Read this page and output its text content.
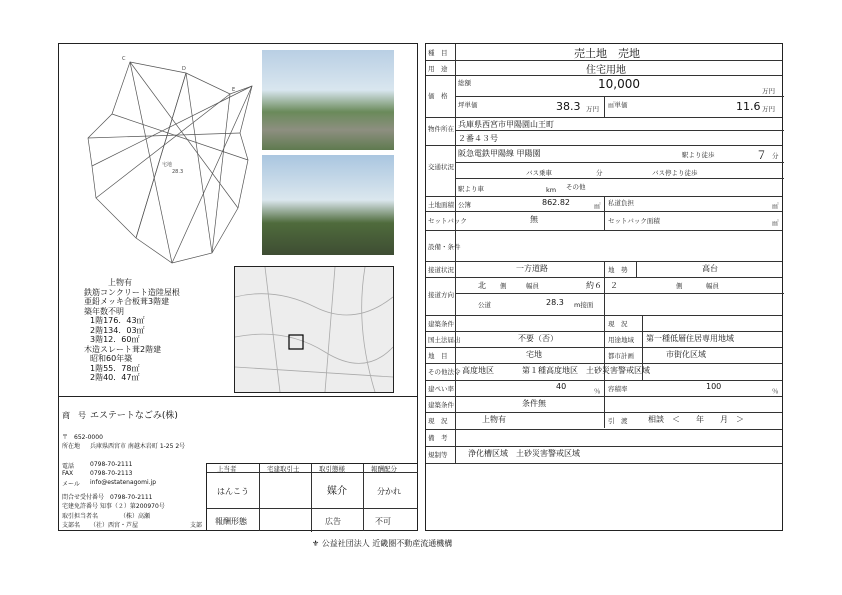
C
D
E
28.3
宅地
上物有
鉄筋コンクリート造陸屋根
亜鉛メッキ合板葺3階建
築年数不明
1階176．43㎡
2階134．03㎡
3階12．60㎡
木造スレート葺2階建
昭和60年築
1階55．78㎡
2階40．47㎡
商　号 エステートなごみ(株)
〒　652-0000
所在地 兵庫県西宮市 南越木岩町 1-25 2号
電話	0798-70-2111
FAX	0798-70-2113
メール info@estatenagomi.jp
問合せ受付番号　0798-70-2111
宅建免許番号 知事（２）第200970号
取引担当者名	（株）高瀬
支部名 （社）西宮・芦屋	支部
上当者	宅建取引士	取引態様	報酬配分
はんこう	媒介	分かれ
報酬形態	広告	不可
種　目	売土地　売地
用　途	住宅用地
価　格
総額	10,000	万円
坪単価	38.3 万円 ㎡単価	11.6 万円
物件所在 兵庫県西宮市甲陽園山王町
２番４３号
交通状況
阪急電鉄甲陽線 甲陽園	駅より徒歩	７ 分
バス乗車	分	バス停より徒歩
駅より車	km その他
土地面積 公簿	862.82	㎡ 私道負担	㎡
セットバック	無	セットバック面積	㎡
設備・条件
接道状況	一方道路	地　勢	高台
接道方向
北 側	幅員	約６ ２	側	幅員
公道	28.3 m接面
建築条件	現　況
国土法届出	不要（否）	用途地域 第一種低層住居専用地域
地　目	宅地	都市計画	市街化区域
その他法令 高度地区	第１種高度地区　土砂災害警戒区域
建ぺい率	40	％ 容積率	100	％
建築条件	条件無
現　況	上物有	引　渡	相談　＜　　年　　月　＞
備　考
規制等	浄化槽区域　土砂災害警戒区域
⚜ 公益社団法人 近畿圏不動産流通機構
